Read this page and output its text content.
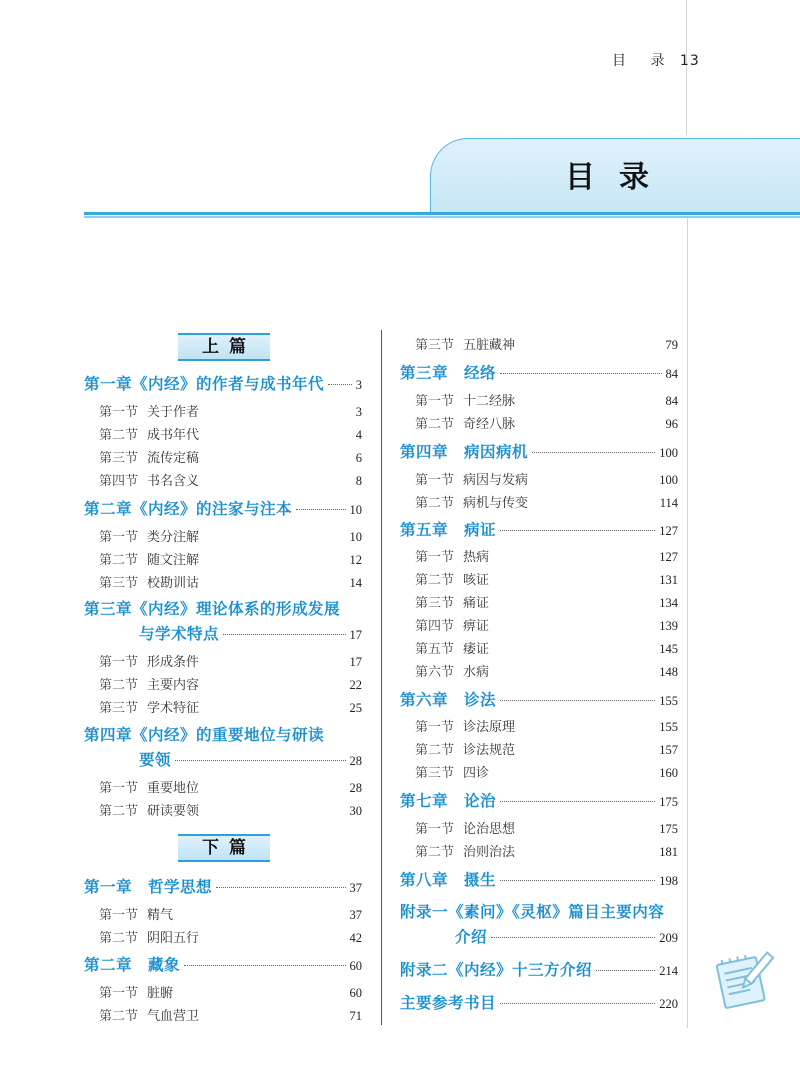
目 录 13
目录
上篇
第一章《内经》的作者与成书年代	3
第一节 关于作者	3
第二节 成书年代	4
第三节 流传定稿	6
第四节 书名含义	8
第二章《内经》的注家与注本	10
第一节 类分注解	10
第二节 随文注解	12
第三节 校勘训诂	14
第三章《内经》理论体系的形成发展
与学术特点	17
第一节 形成条件	17
第二节 主要内容	22
第三节 学术特征	25
第四章《内经》的重要地位与研读
要领	28
第一节 重要地位	28
第二节 研读要领	30
下篇
第一章　哲学思想	37
第一节 精气	37
第二节 阴阳五行	42
第二章　藏象	60
第一节 脏腑	60
第二节 气血营卫	71
第三节 五脏藏神	79
第三章　经络	84
第一节 十二经脉	84
第二节 奇经八脉	96
第四章　病因病机	100
第一节 病因与发病	100
第二节 病机与传变	114
第五章　病证	127
第一节 热病	127
第二节 咳证	131
第三节 痛证	134
第四节 痹证	139
第五节 痿证	145
第六节 水病	148
第六章　诊法	155
第一节 诊法原理	155
第二节 诊法规范	157
第三节 四诊	160
第七章　论治	175
第一节 论治思想	175
第二节 治则治法	181
第八章　摄生	198
附录一《素问》《灵枢》篇目主要内容
介绍	209
附录二《内经》十三方介绍	214
主要参考书目	220
